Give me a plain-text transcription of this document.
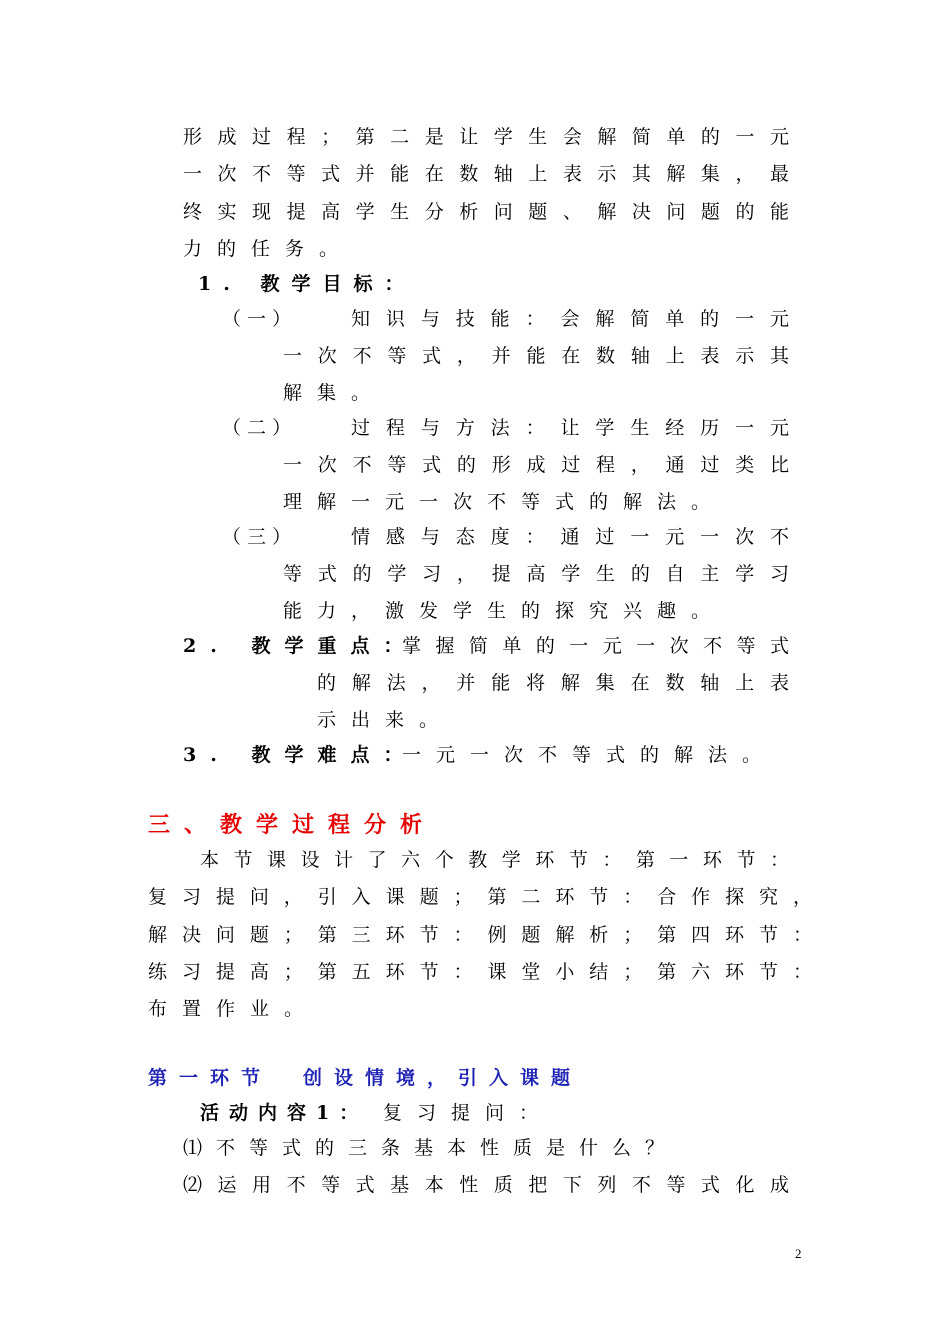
形成过程；第二是让学生会解简单的一元
一次不等式并能在数轴上表示其解集，最
终实现提高学生分析问题、解决问题的能
力的任务。
1. 教学目标：
（一）	知识与技能：会解简单的一元
一次不等式，并能在数轴上表示其
解集。
（二）	过程与方法：让学生经历一元
一次不等式的形成过程，通过类比
理解一元一次不等式的解法。
（三）	情感与态度：通过一元一次不
等式的学习，提高学生的自主学习
能力，激发学生的探究兴趣。
2. 教学重点：
掌握简单的一元一次不等式
的解法，并能将解集在数轴上表
示出来。
3. 教学难点：
一元一次不等式的解法。
三、教学过程分析
本节课设计了六个教学环节：第一环节：
复习提问，引入课题；第二环节：合作探究，
解决问题；第三环节：例题解析；第四环节：
练习提高；第五环节：课堂小结；第六环节：
布置作业。
第一环节　创设情境，引入课题
活动内容1： 复习提问：
⑴不等式的三条基本性质是什么？
⑵运用不等式基本性质把下列不等式化成
2
